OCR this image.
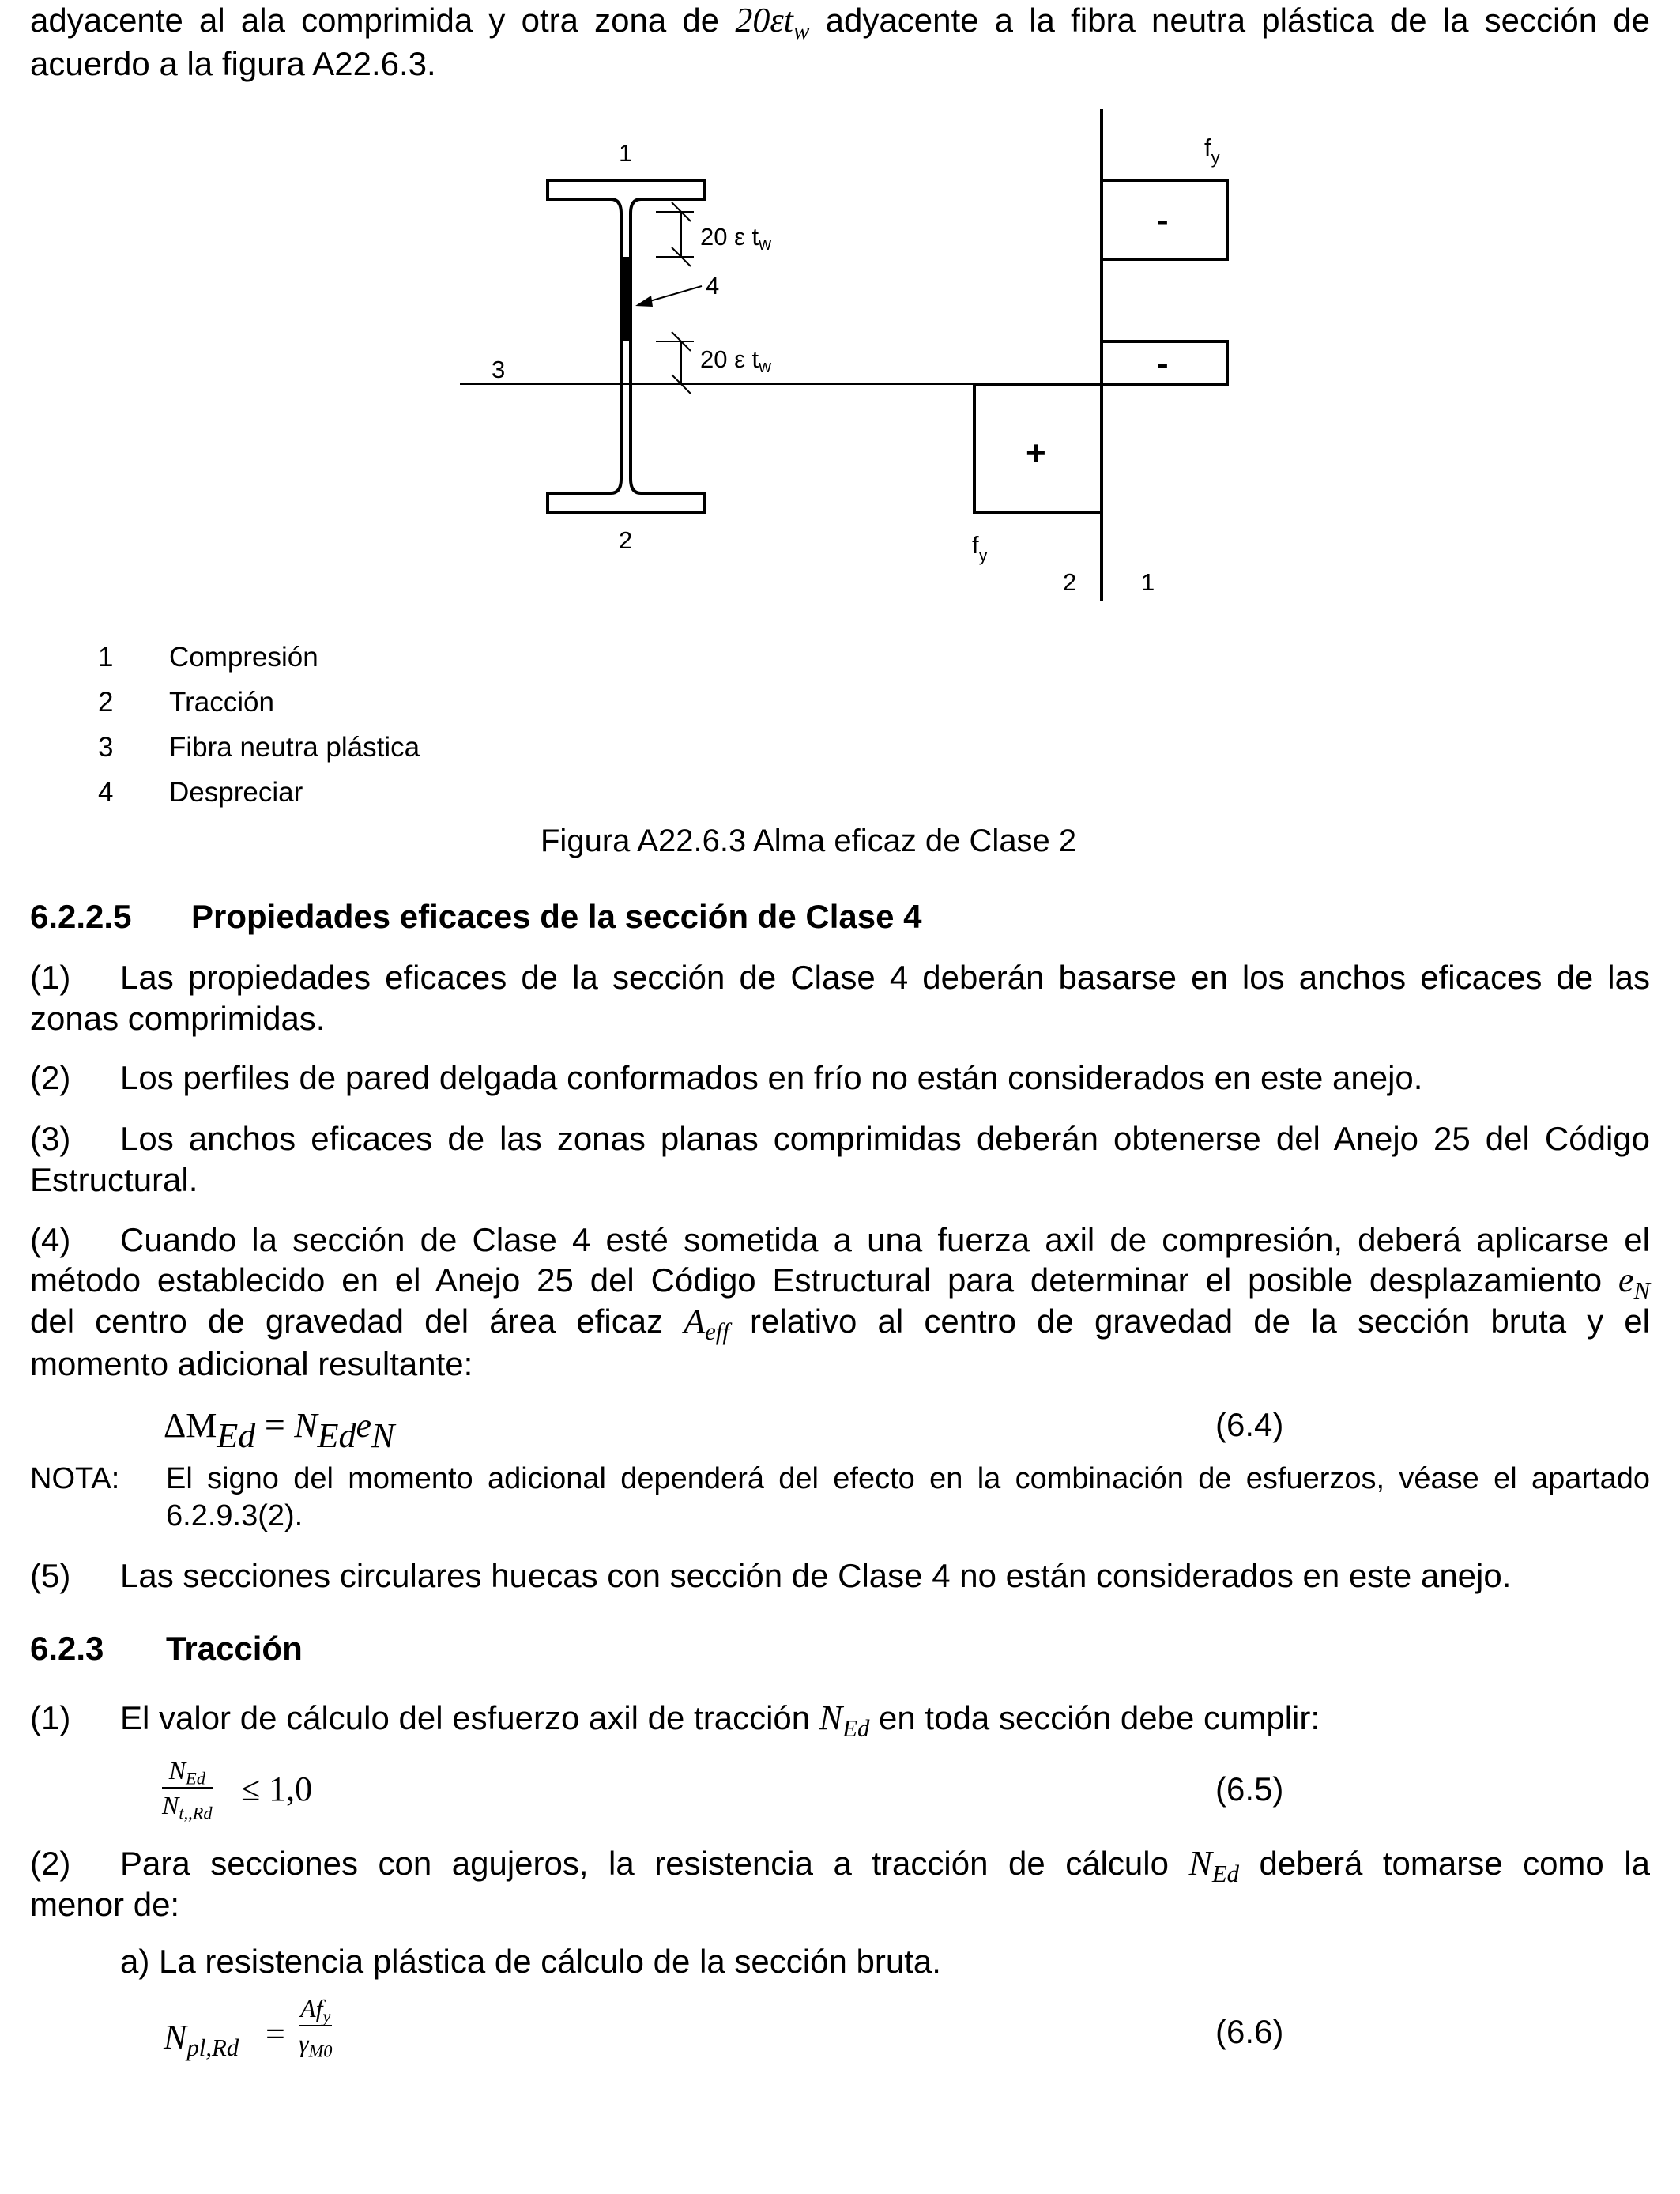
adyacente al ala comprimida y otra zona de $20\varepsilon t_w$ adyacente a la fibra neutra plástica de la sección de
acuerdo a la figura A22.6.3.
1
2
3
4
20 ε tw
20 ε tw
$f_y$
$f_y$
-
-
+
2	1
1 Compresión
2 Tracción
3 Fibra neutra plástica
4 Despreciar
Figura A22.6.3 Alma eficaz de Clase 2
6.2.2.5 Propiedades eficaces de la sección de Clase 4
(1) Las propiedades eficaces de la sección de Clase 4 deberán basarse en los anchos eficaces de las
zonas comprimidas.
(2) Los perfiles de pared delgada conformados en frío no están considerados en este anejo.
(3) Los anchos eficaces de las zonas planas comprimidas deberán obtenerse del Anejo 25 del Código
Estructural.
(4) Cuando la sección de Clase 4 esté sometida a una fuerza axil de compresión, deberá aplicarse el
método establecido en el Anejo 25 del Código Estructural para determinar el posible desplazamiento $e_N$
del centro de gravedad del área eficaz $A_{eff}$ relativo al centro de gravedad de la sección bruta y el
momento adicional resultante:
$\Delta M_{Ed} = N_{Ed}e_N$	(6.4)
NOTA: El signo del momento adicional dependerá del efecto en la combinación de esfuerzos, véase el apartado
6.2.9.3(2).
(5) Las secciones circulares huecas con sección de Clase 4 no están considerados en este anejo.
6.2.3 Tracción
(1) El valor de cálculo del esfuerzo axil de tracción $N_{Ed}$ en toda sección debe cumplir:
$N_{Ed}$
$N_{t,,Rd}$
≤ 1,0	(6.5)
(2) Para secciones con agujeros, la resistencia a tracción de cálculo $N_{Ed}$ deberá tomarse como la
menor de:
a) La resistencia plástica de cálculo de la sección bruta.
$N_{pl,Rd}$ =
$Af_y$
$\gamma_{M0}$
(6.6)
